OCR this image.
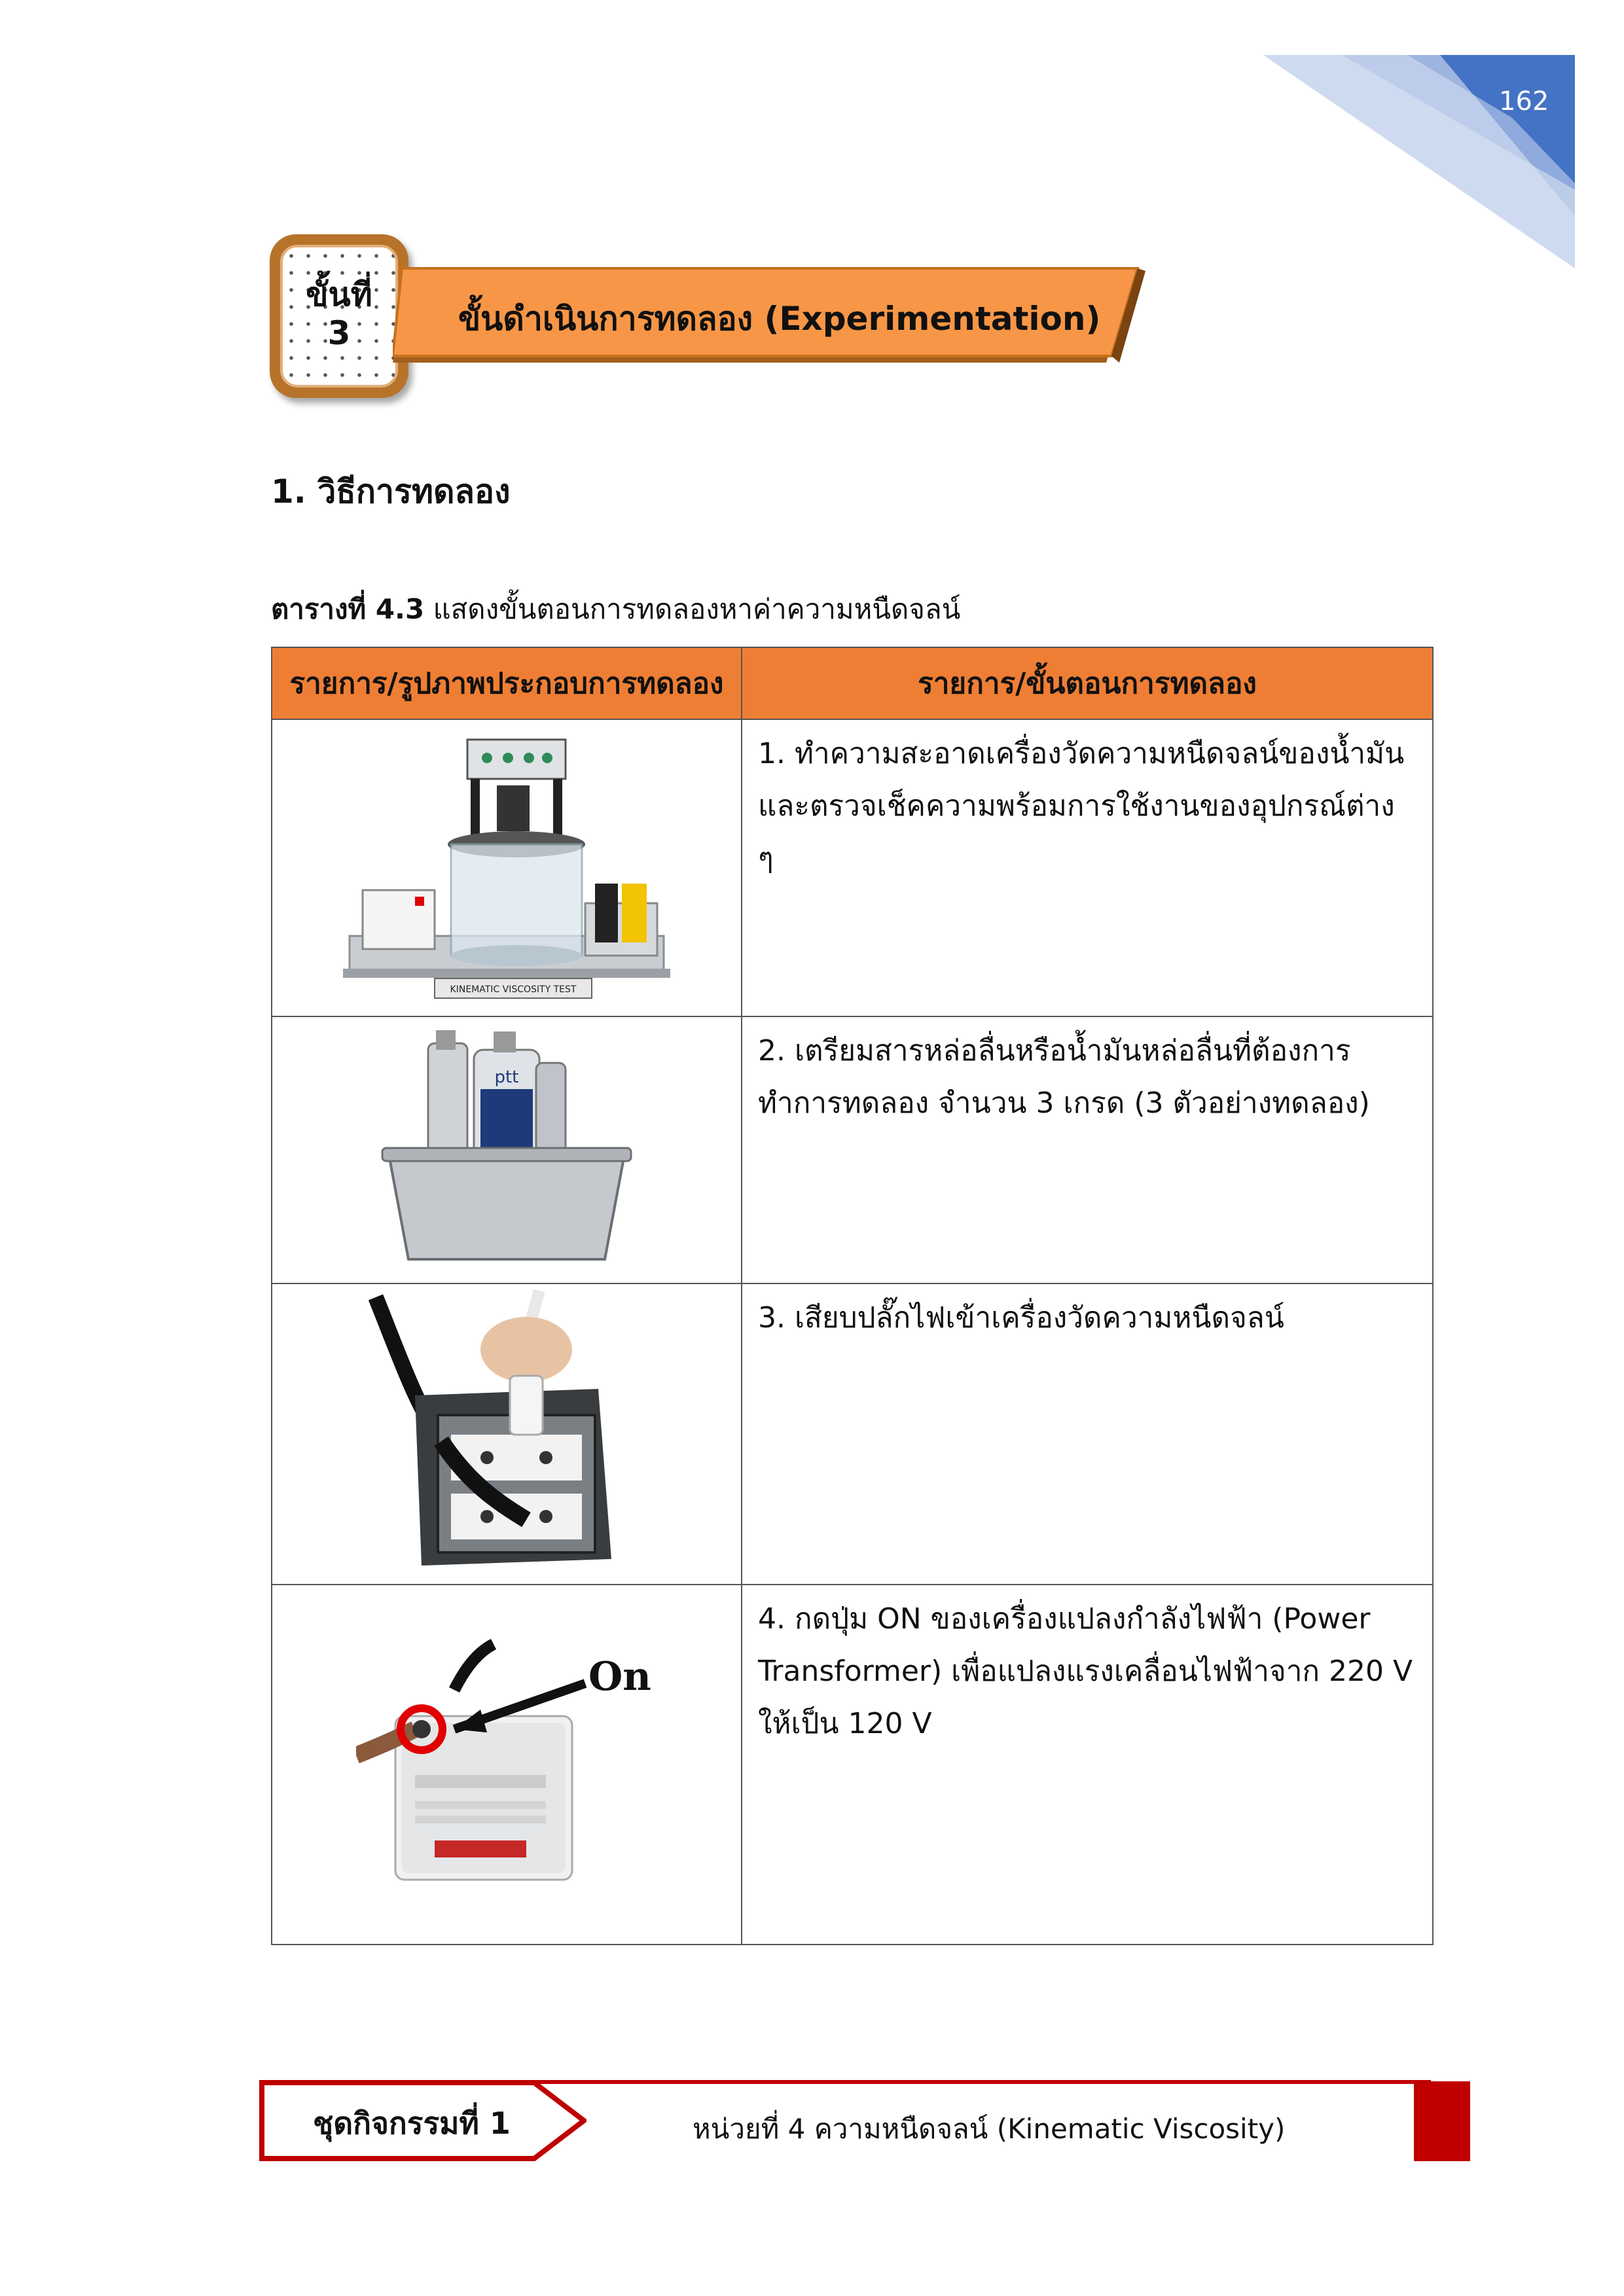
162
ขั้นที่
3	ขั้นดำเนินการทดลอง (Experimentation)
1. วิธีการทดลอง
ตารางที่ 4.3 แสดงขั้นตอนการทดลองหาค่าความหนืดจลน์
รายการ/รูปภาพประกอบการทดลอง	รายการ/ขั้นตอนการทดลอง

KINEMATIC VISCOSITY TEST	1. ทำความสะอาดเครื่องวัดความหนืดจลน์ของน้ำมัน และตรวจเช็คความพร้อมการใช้งานของอุปกรณ์ต่าง ๆ

ptt	2. เตรียมสารหล่อลื่นหรือน้ำมันหล่อลื่นที่ต้องการทำการทดลอง จำนวน 3 เกรด (3 ตัวอย่างทดลอง)

	3. เสียบปลั๊กไฟเข้าเครื่องวัดความหนืดจลน์

On	4. กดปุ่ม ON ของเครื่องแปลงกำลังไฟฟ้า (Power Transformer) เพื่อแปลงแรงเคลื่อนไฟฟ้าจาก 220 V ให้เป็น 120 V
ชุดกิจกรรมที่ 1	หน่วยที่ 4 ความหนืดจลน์ (Kinematic Viscosity)
